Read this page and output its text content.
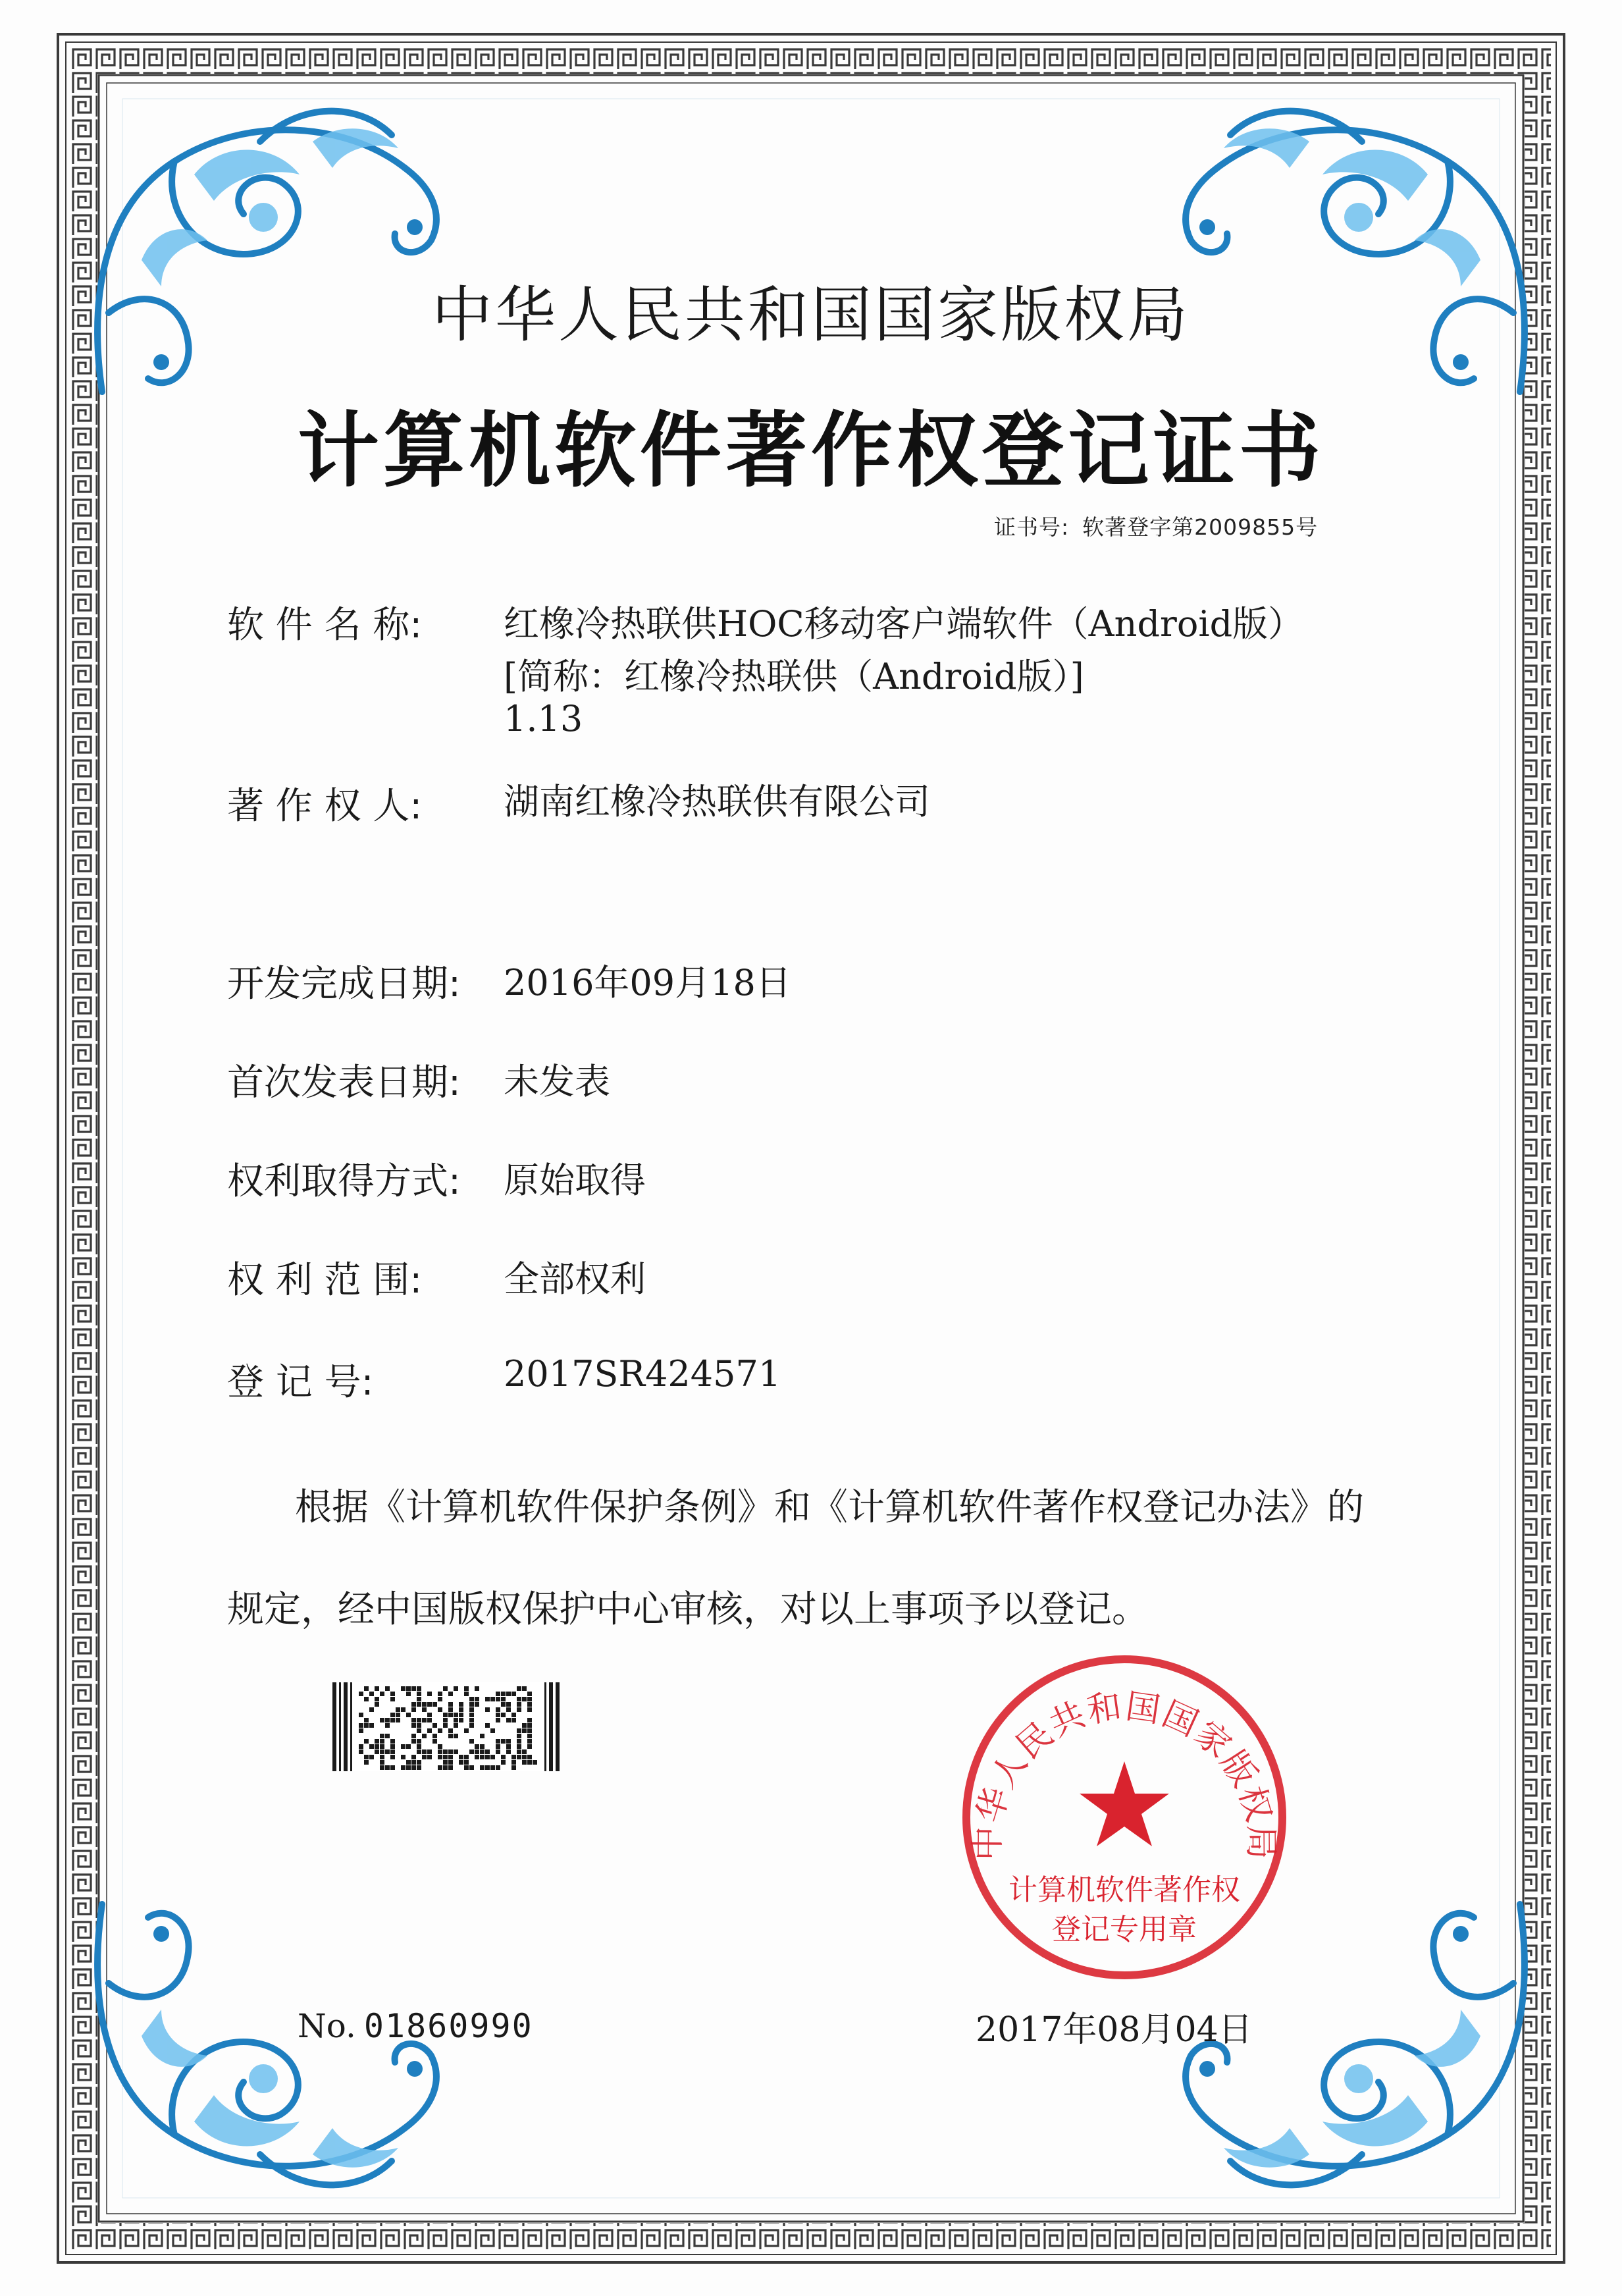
中华人民共和国国家版权局
计算机软件著作权登记证书
证书号: 软著登字第2009855号
软 件 名 称: 红橡冷热联供HOC移动客户端软件（Android版）
[简称：红橡冷热联供（Android版）]
1.13
著 作 权 人: 湖南红橡冷热联供有限公司
开发完成日期: 2016年09月18日
首次发表日期: 未发表
权利取得方式: 原始取得
权 利 范 围: 全部权利
登 记 号:	2017SR424571
根据《计算机软件保护条例》和《计算机软件著作权登记办法》的
规定，经中国版权保护中心审核，对以上事项予以登记。
中华人民共和国国家版权局
计算机软件著作权
登记专用章
No. 01860990	2017年08月04日
